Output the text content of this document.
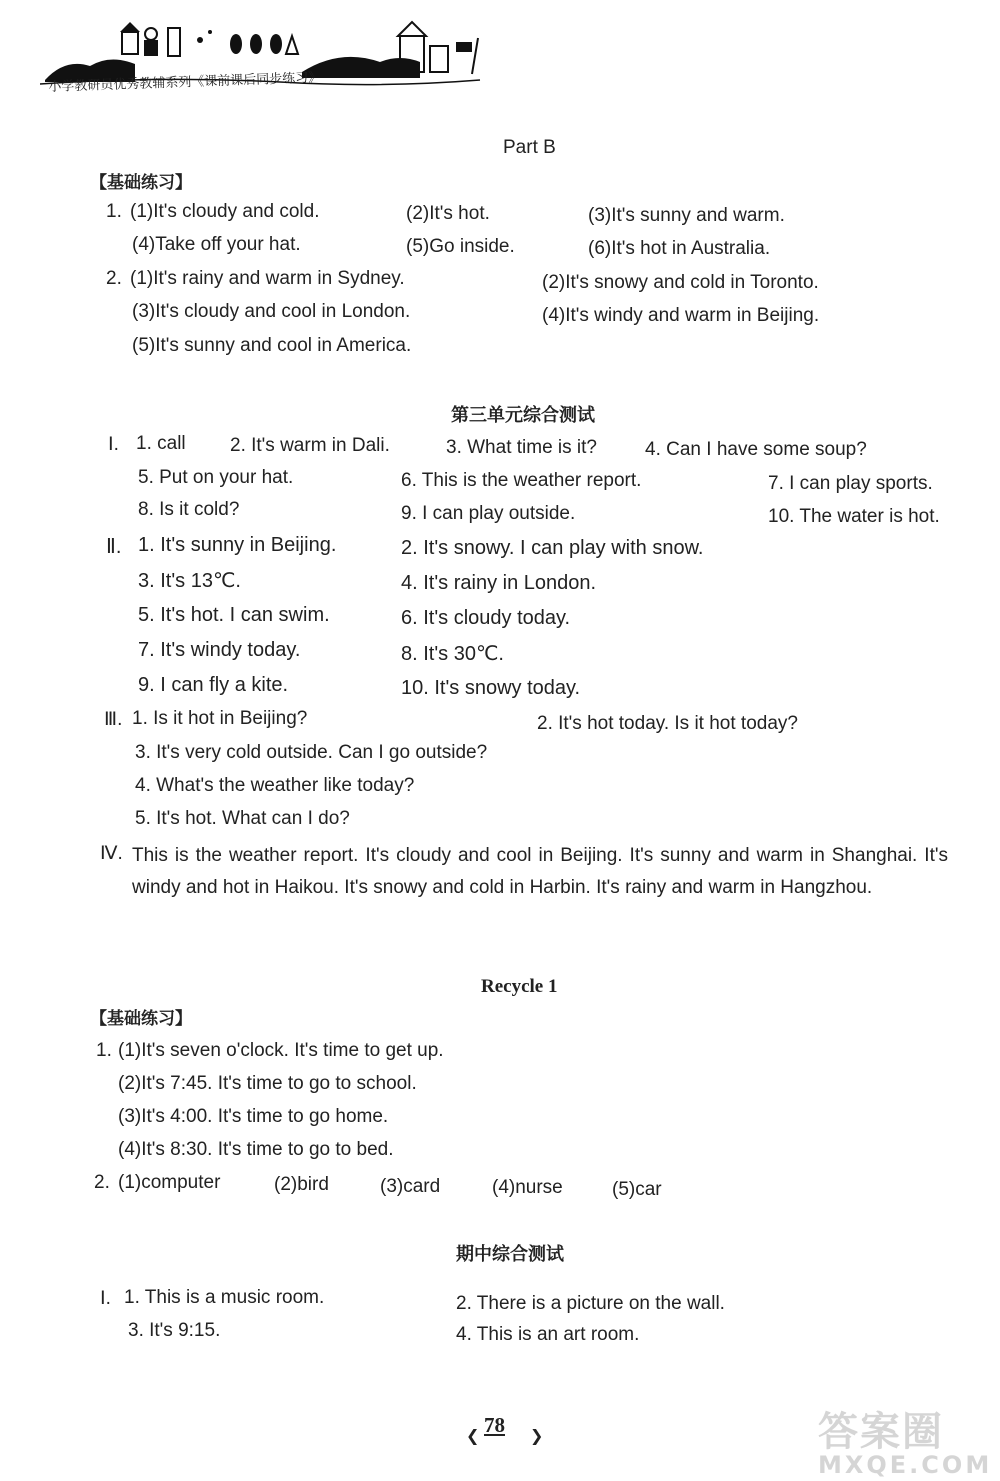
小学教研员优秀教辅系列《课前课后同步练习》
Part B
【基础练习】
1. (1)It's cloudy and cold.	(2)It's hot.	(3)It's sunny and warm.
(4)Take off your hat.	(5)Go inside.	(6)It's hot in Australia.
2. (1)It's rainy and warm in Sydney.	(2)It's snowy and cold in Toronto.
(3)It's cloudy and cool in London.	(4)It's windy and warm in Beijing.
(5)It's sunny and cool in America.
第三单元综合测试
Ⅰ. 1. call 2. It's warm in Dali.	3. What time is it?	4. Can I have some soup?
5. Put on your hat.	6. This is the weather report.	7. I can play sports.
8. Is it cold?	9. I can play outside.	10. The water is hot.
Ⅱ. 1. It's sunny in Beijing.	2. It's snowy. I can play with snow.
3. It's 13℃.	4. It's rainy in London.
5. It's hot. I can swim.	6. It's cloudy today.
7. It's windy today.	8. It's 30℃.
9. I can fly a kite.	10. It's snowy today.
Ⅲ. 1. Is it hot in Beijing?	2. It's hot today. Is it hot today?
3. It's very cold outside. Can I go outside?
4. What's the weather like today?
5. It's hot. What can I do?
Ⅳ. This is the weather report. It's cloudy and cool in Beijing. It's sunny and warm in Shanghai. It's windy and hot in Haikou. It's snowy and cold in Harbin. It's rainy and warm in Hangzhou.
Recycle 1
【基础练习】
1. (1)It's seven o'clock. It's time to get up.
(2)It's 7:45. It's time to go to school.
(3)It's 4:00. It's time to go home.
(4)It's 8:30. It's time to go to bed.
2. (1)computer	(2)bird	(3)card	(4)nurse	(5)car
期中综合测试
Ⅰ. 1. This is a music room.	2. There is a picture on the wall.
3. It's 9:15.	4. This is an art room.
❮ 78 ❯	答案圈
MXQE.COM
